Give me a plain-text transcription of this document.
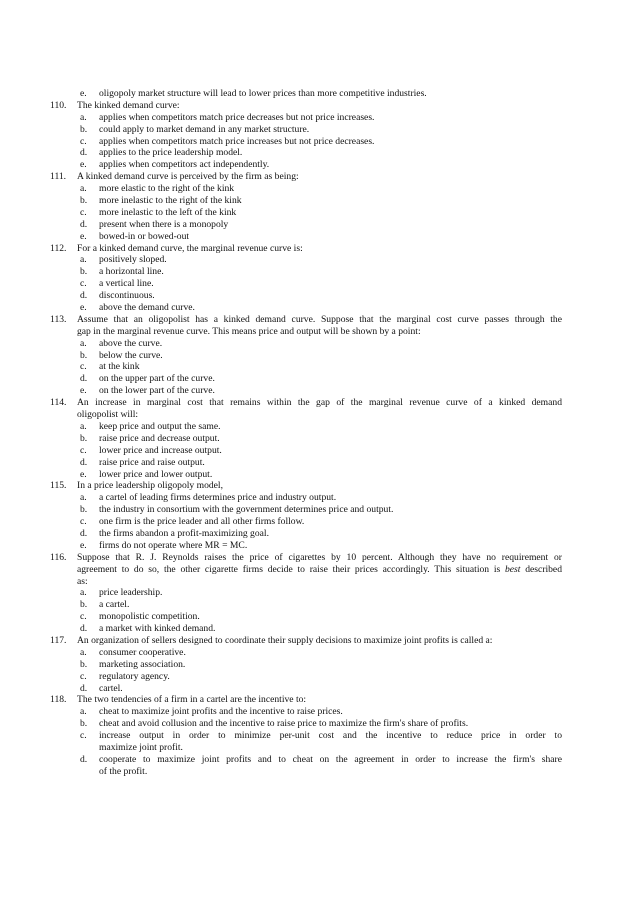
e. oligopoly market structure will lead to lower prices than more competitive industries.
110. The kinked demand curve:
a. applies when competitors match price decreases but not price increases.
b. could apply to market demand in any market structure.
c. applies when competitors match price increases but not price decreases.
d. applies to the price leadership model.
e. applies when competitors act independently.
111. A kinked demand curve is perceived by the firm as being:
a. more elastic to the right of the kink
b. more inelastic to the right of the kink
c. more inelastic to the left of the kink
d. present when there is a monopoly
e. bowed-in or bowed-out
112. For a kinked demand curve, the marginal revenue curve is:
a. positively sloped.
b. a horizontal line.
c. a vertical line.
d. discontinuous.
e. above the demand curve.
113. Assume that an oligopolist has a kinked demand curve. Suppose that the marginal cost curve passes through the
gap in the marginal revenue curve. This means price and output will be shown by a point:
a. above the curve.
b. below the curve.
c. at the kink
d. on the upper part of the curve.
e. on the lower part of the curve.
114. An increase in marginal cost that remains within the gap of the marginal revenue curve of a kinked demand
oligopolist will:
a. keep price and output the same.
b. raise price and decrease output.
c. lower price and increase output.
d. raise price and raise output.
e. lower price and lower output.
115. In a price leadership oligopoly model,
a. a cartel of leading firms determines price and industry output.
b. the industry in consortium with the government determines price and output.
c. one firm is the price leader and all other firms follow.
d. the firms abandon a profit-maximizing goal.
e. firms do not operate where MR = MC.
116. Suppose that R. J. Reynolds raises the price of cigarettes by 10 percent. Although they have no requirement or
agreement to do so, the other cigarette firms decide to raise their prices accordingly. This situation is best described
as:
a. price leadership.
b. a cartel.
c. monopolistic competition.
d. a market with kinked demand.
117. An organization of sellers designed to coordinate their supply decisions to maximize joint profits is called a:
a. consumer cooperative.
b. marketing association.
c. regulatory agency.
d. cartel.
118. The two tendencies of a firm in a cartel are the incentive to:
a. cheat to maximize joint profits and the incentive to raise prices.
b. cheat and avoid collusion and the incentive to raise price to maximize the firm's share of profits.
c. increase output in order to minimize per-unit cost and the incentive to reduce price in order to
maximize joint profit.
d. cooperate to maximize joint profits and to cheat on the agreement in order to increase the firm's share
of the profit.
